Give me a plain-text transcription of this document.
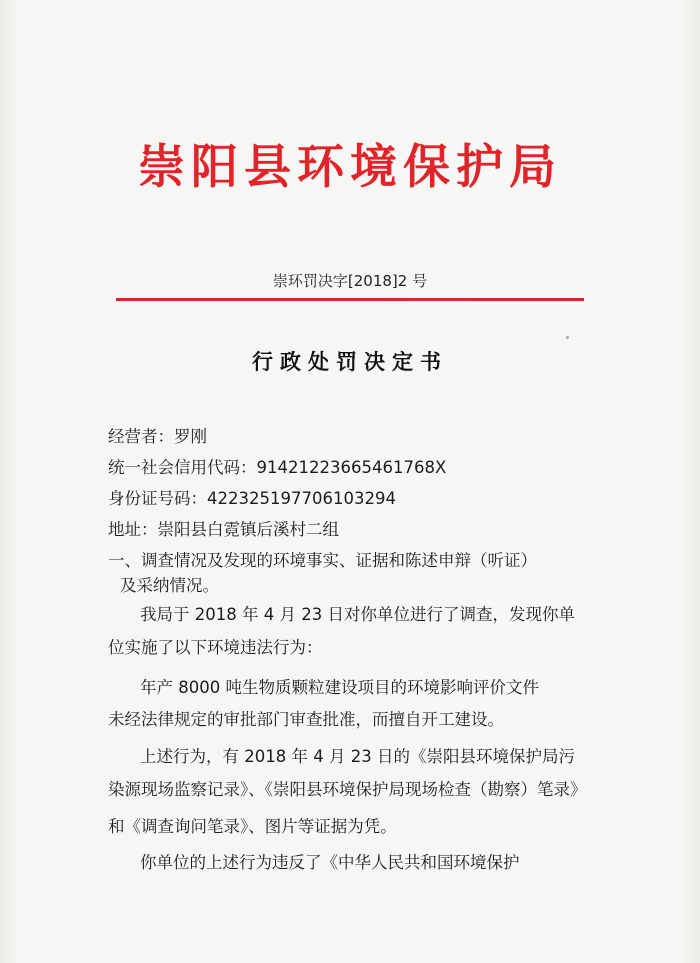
崇阳县环境保护局
崇环罚决字[2018]2 号
行政处罚决定书
经营者：罗刚
统一社会信用代码：91421223665461768X
身份证号码：422325197706103294
地址：崇阳县白霓镇后溪村二组
一、调查情况及发现的环境事实、证据和陈述申辩（听证）
及采纳情况。
我局于 2018 年 4 月 23 日对你单位进行了调查，发现你单
位实施了以下环境违法行为：
年产 8000 吨生物质颗粒建设项目的环境影响评价文件
未经法律规定的审批部门审查批准，而擅自开工建设。
上述行为，有 2018 年 4 月 23 日的《崇阳县环境保护局污
染源现场监察记录》、《崇阳县环境保护局现场检查（勘察）笔录》
和《调查询问笔录》、图片等证据为凭。
你单位的上述行为违反了《中华人民共和国环境保护
